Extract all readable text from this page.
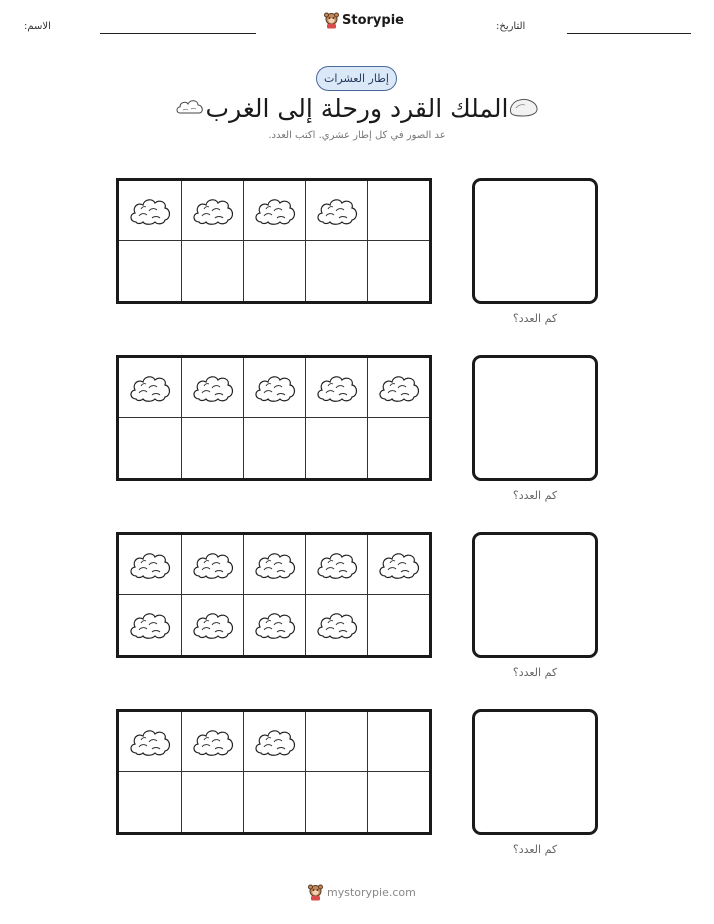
التاريخ:
Storypie
الاسم:
إطار العشرات
الملك القرد ورحلة إلى الغرب
عد الصور في كل إطار عشري. اكتب العدد.
كم العدد؟
كم العدد؟
كم العدد؟
كم العدد؟
mystorypie.com
